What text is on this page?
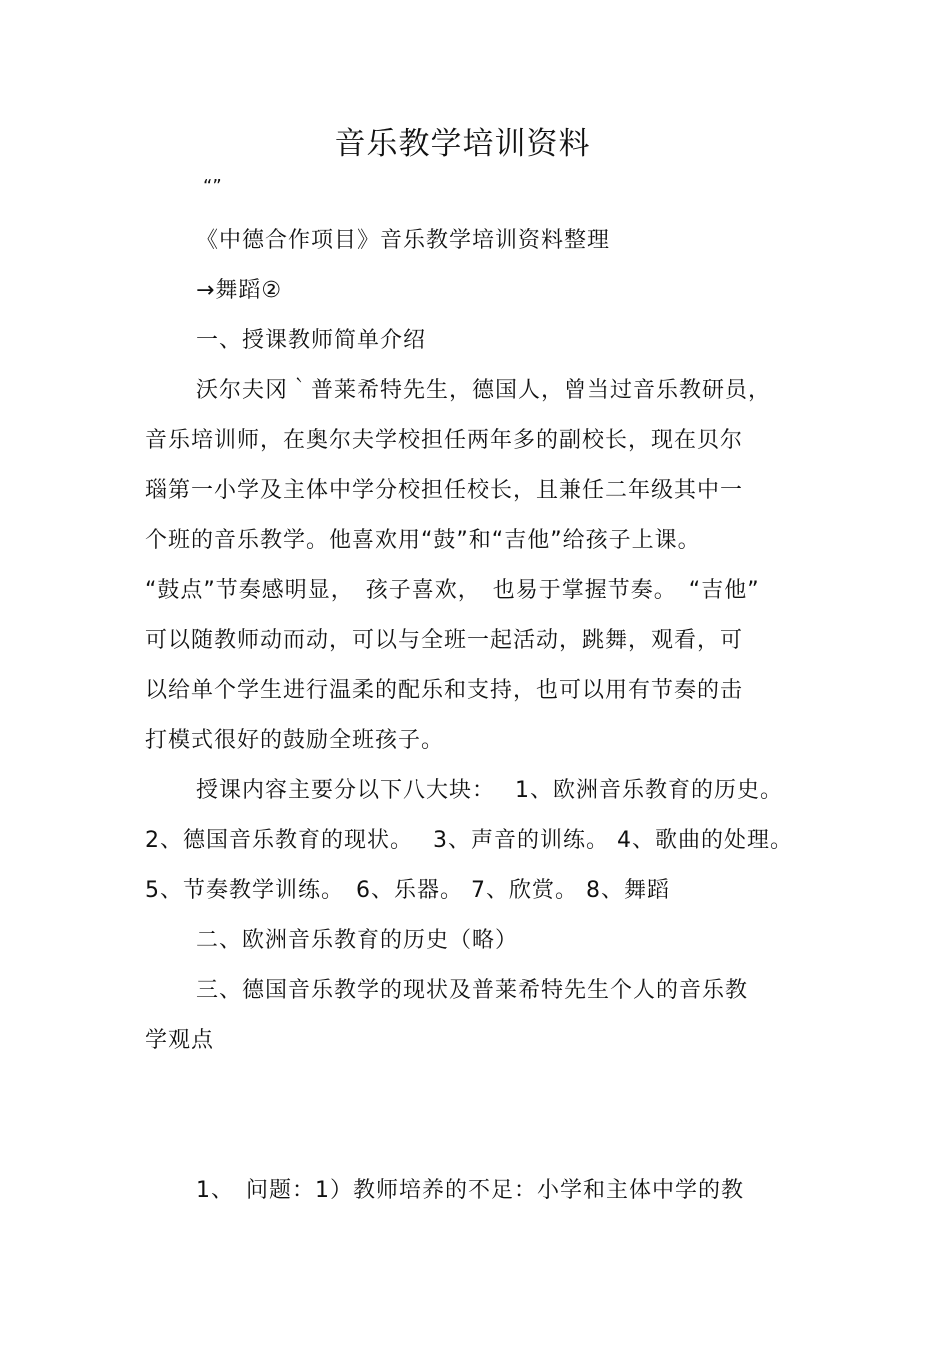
音乐教学培训资料
“”
《中德合作项目》音乐教学培训资料整理
→舞蹈②
一、授课教师简单介绍
沃尔夫冈｀普莱希特先生，德国人，曾当过音乐教研员，
音乐培训师，在奥尔夫学校担任两年多的副校长，现在贝尔
瑙第一小学及主体中学分校担任校长，且兼任二年级其中一
个班的音乐教学。他喜欢用“鼓”和“吉他”给孩子上课。
“鼓点”节奏感明显，　孩子喜欢，　也易于掌握节奏。　“吉他”
可以随教师动而动，可以与全班一起活动，跳舞，观看，可
以给单个学生进行温柔的配乐和支持，也可以用有节奏的击
打模式很好的鼓励全班孩子。
授课内容主要分以下八大块：　 1、欧洲音乐教育的历史。
2、德国音乐教育的现状。　 3、声音的训练。 4、歌曲的处理。
5、节奏教学训练。　6、乐器。 7、欣赏。 8、舞蹈
二、欧洲音乐教育的历史（略）
三、德国音乐教学的现状及普莱希特先生个人的音乐教
学观点
1、　问题：1）教师培养的不足：小学和主体中学的教
